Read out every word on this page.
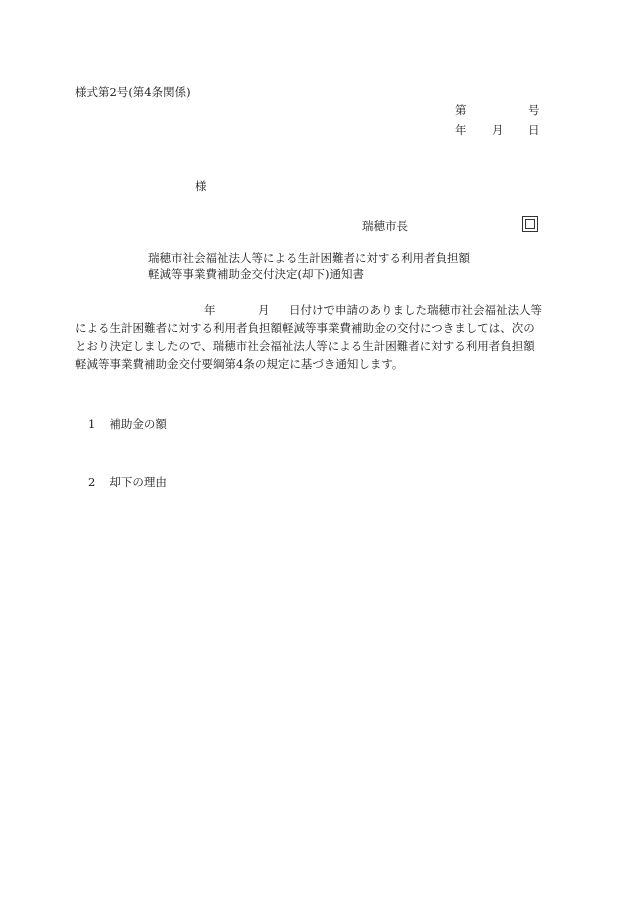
様式第2号(第4条関係)
第	号
年 月 日
様
瑞穂市長
瑞穂市社会福祉法人等による生計困難者に対する利用者負担額
軽減等事業費補助金交付決定(却下)通知書
年	月 日付けで申請のありました瑞穂市社会福祉法人等
による生計困難者に対する利用者負担額軽減等事業費補助金の交付につきましては、次の
とおり決定しましたので、瑞穂市社会福祉法人等による生計困難者に対する利用者負担額
軽減等事業費補助金交付要綱第4条の規定に基づき通知します。
1 補助金の額
2 却下の理由
